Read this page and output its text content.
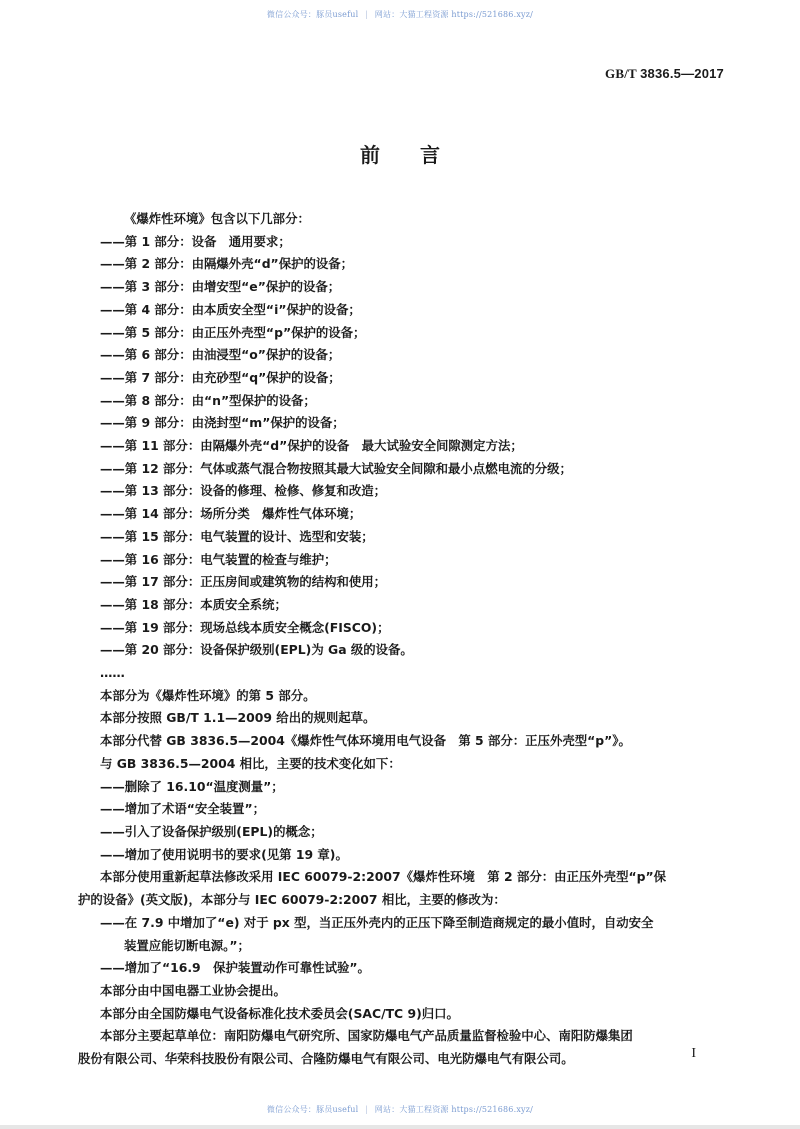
微信公众号：豚员useful | 网站：大猫工程资源 https://521686.xyz/
GB/T 3836.5—2017
前 言
《爆炸性环境》包含以下几部分：
——第 1 部分：设备　通用要求；
——第 2 部分：由隔爆外壳“d”保护的设备；
——第 3 部分：由增安型“e”保护的设备；
——第 4 部分：由本质安全型“i”保护的设备；
——第 5 部分：由正压外壳型“p”保护的设备；
——第 6 部分：由油浸型“o”保护的设备；
——第 7 部分：由充砂型“q”保护的设备；
——第 8 部分：由“n”型保护的设备；
——第 9 部分：由浇封型“m”保护的设备；
——第 11 部分：由隔爆外壳“d”保护的设备　最大试验安全间隙测定方法；
——第 12 部分：气体或蒸气混合物按照其最大试验安全间隙和最小点燃电流的分级；
——第 13 部分：设备的修理、检修、修复和改造；
——第 14 部分：场所分类　爆炸性气体环境；
——第 15 部分：电气装置的设计、选型和安装；
——第 16 部分：电气装置的检查与维护；
——第 17 部分：正压房间或建筑物的结构和使用；
——第 18 部分：本质安全系统；
——第 19 部分：现场总线本质安全概念(FISCO)；
——第 20 部分：设备保护级别(EPL)为 Ga 级的设备。
……
本部分为《爆炸性环境》的第 5 部分。
本部分按照 GB/T 1.1—2009 给出的规则起草。
本部分代替 GB 3836.5—2004《爆炸性气体环境用电气设备　第 5 部分：正压外壳型“p”》。
与 GB 3836.5—2004 相比，主要的技术变化如下：
——删除了 16.10“温度测量”；
——增加了术语“安全装置”；
——引入了设备保护级别(EPL)的概念；
——增加了使用说明书的要求(见第 19 章)。
本部分使用重新起草法修改采用 IEC 60079-2:2007《爆炸性环境　第 2 部分：由正压外壳型“p”保
护的设备》(英文版)，本部分与 IEC 60079-2:2007 相比，主要的修改为：
——在 7.9 中增加了“e) 对于 px 型，当正压外壳内的正压下降至制造商规定的最小值时，自动安全
装置应能切断电源。”；
——增加了“16.9　保护装置动作可靠性试验”。
本部分由中国电器工业协会提出。
本部分由全国防爆电气设备标准化技术委员会(SAC/TC 9)归口。
本部分主要起草单位：南阳防爆电气研究所、国家防爆电气产品质量监督检验中心、南阳防爆集团
股份有限公司、华荣科技股份有限公司、合隆防爆电气有限公司、电光防爆电气有限公司。	I
微信公众号：豚员useful | 网站：大猫工程资源 https://521686.xyz/
